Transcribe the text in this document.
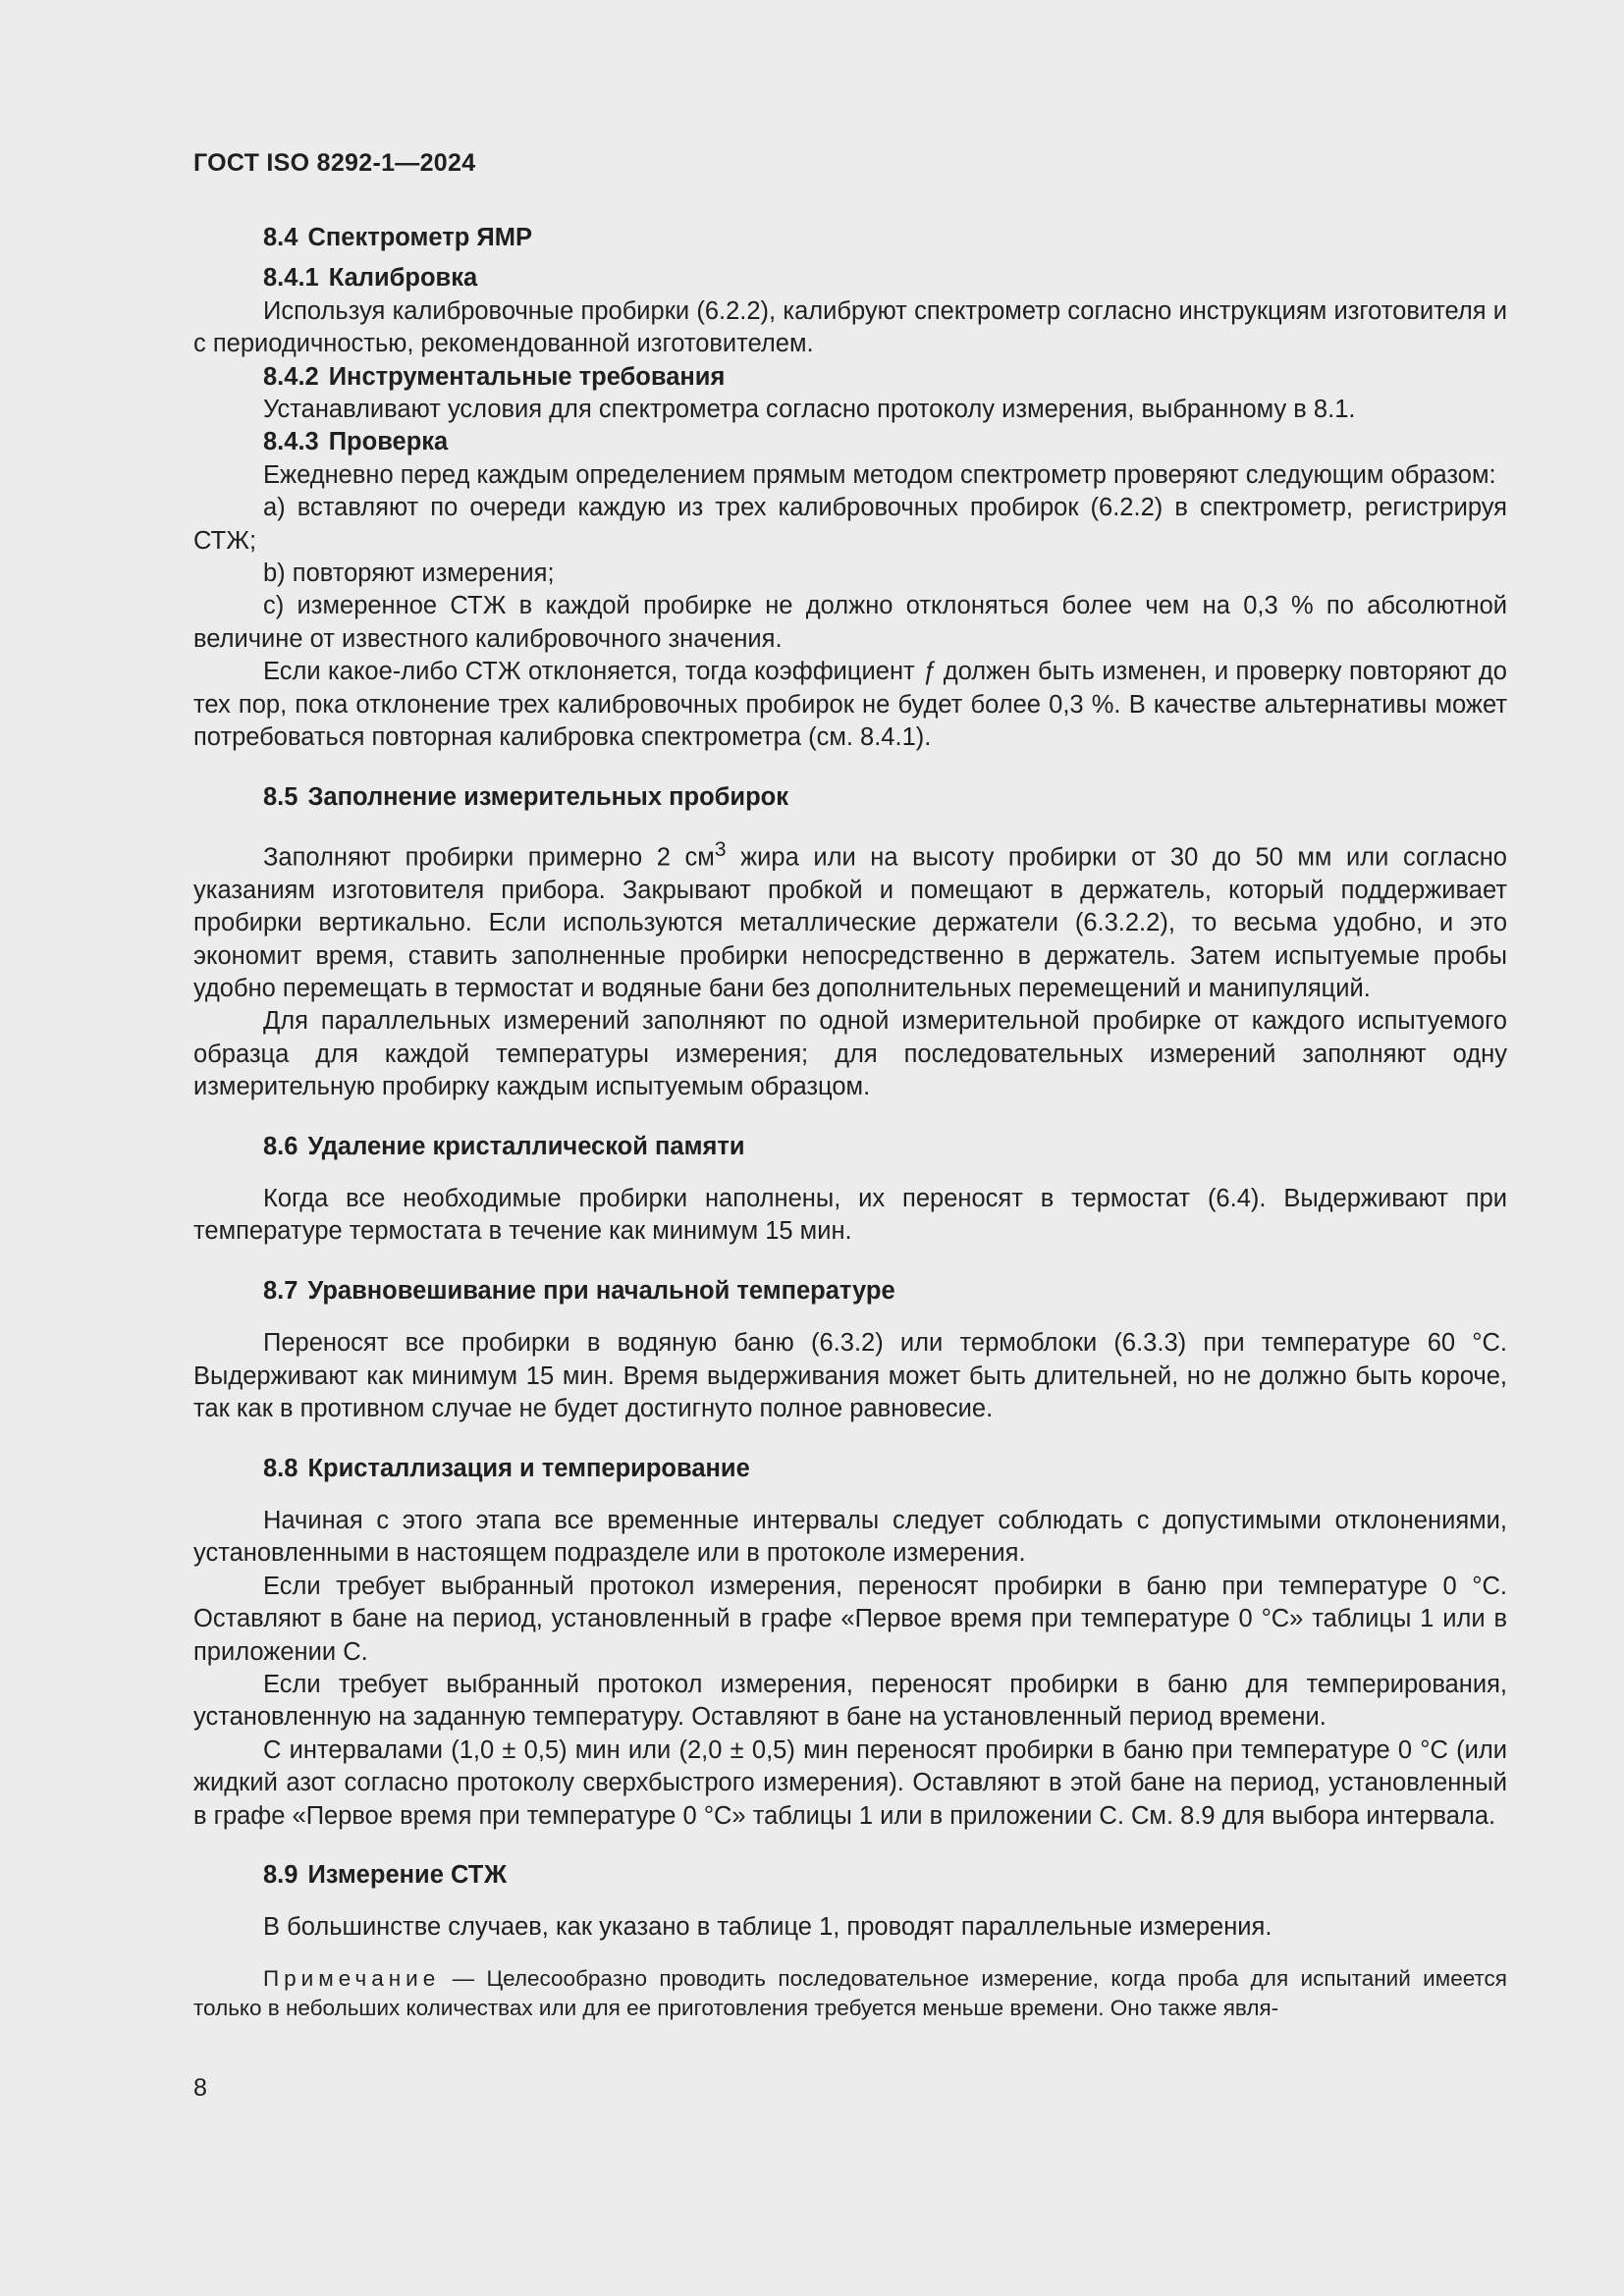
ГОСТ ISO 8292-1—2024

8.4 Спектрометр ЯМР

8.4.1 Калибровка

Используя калибровочные пробирки (6.2.2), калибруют спектрометр согласно инструкциям изготовителя и с периодичностью, рекомендованной изготовителем.

8.4.2 Инструментальные требования

Устанавливают условия для спектрометра согласно протоколу измерения, выбранному в 8.1.

8.4.3 Проверка

Ежедневно перед каждым определением прямым методом спектрометр проверяют следующим образом:

a) вставляют по очереди каждую из трех калибровочных пробирок (6.2.2) в спектрометр, регистрируя СТЖ;

b) повторяют измерения;

c) измеренное СТЖ в каждой пробирке не должно отклоняться более чем на 0,3 % по абсолютной величине от известного калибровочного значения.

Если какое-либо СТЖ отклоняется, тогда коэффициент ƒ должен быть изменен, и проверку повторяют до тех пор, пока отклонение трех калибровочных пробирок не будет более 0,3 %. В качестве альтернативы может потребоваться повторная калибровка спектрометра (см. 8.4.1).

8.5 Заполнение измерительных пробирок

Заполняют пробирки примерно 2 $см^3$ жира или на высоту пробирки от 30 до 50 мм или согласно указаниям изготовителя прибора. Закрывают пробкой и помещают в держатель, который поддерживает пробирки вертикально. Если используются металлические держатели (6.3.2.2), то весьма удобно, и это экономит время, ставить заполненные пробирки непосредственно в держатель. Затем испытуемые пробы удобно перемещать в термостат и водяные бани без дополнительных перемещений и манипуляций.

Для параллельных измерений заполняют по одной измерительной пробирке от каждого испытуемого образца для каждой температуры измерения; для последовательных измерений заполняют одну измерительную пробирку каждым испытуемым образцом.

8.6 Удаление кристаллической памяти

Когда все необходимые пробирки наполнены, их переносят в термостат (6.4). Выдерживают при температуре термостата в течение как минимум 15 мин.

8.7 Уравновешивание при начальной температуре

Переносят все пробирки в водяную баню (6.3.2) или термоблоки (6.3.3) при температуре 60 °С. Выдерживают как минимум 15 мин. Время выдерживания может быть длительней, но не должно быть короче, так как в противном случае не будет достигнуто полное равновесие.

8.8 Кристаллизация и темперирование

Начиная с этого этапа все временные интервалы следует соблюдать с допустимыми отклонениями, установленными в настоящем подразделе или в протоколе измерения.

Если требует выбранный протокол измерения, переносят пробирки в баню при температуре 0 °С. Оставляют в бане на период, установленный в графе «Первое время при температуре 0 °С» таблицы 1 или в приложении С.

Если требует выбранный протокол измерения, переносят пробирки в баню для темперирования, установленную на заданную температуру. Оставляют в бане на установленный период времени.

С интервалами (1,0 ± 0,5) мин или (2,0 ± 0,5) мин переносят пробирки в баню при температуре 0 °С (или жидкий азот согласно протоколу сверхбыстрого измерения). Оставляют в этой бане на период, установленный в графе «Первое время при температуре 0 °С» таблицы 1 или в приложении С. См. 8.9 для выбора интервала.

8.9 Измерение СТЖ

В большинстве случаев, как указано в таблице 1, проводят параллельные измерения.

Примечание — Целесообразно проводить последовательное измерение, когда проба для испытаний имеется только в небольших количествах или для ее приготовления требуется меньше времени. Оно также явля-

8
